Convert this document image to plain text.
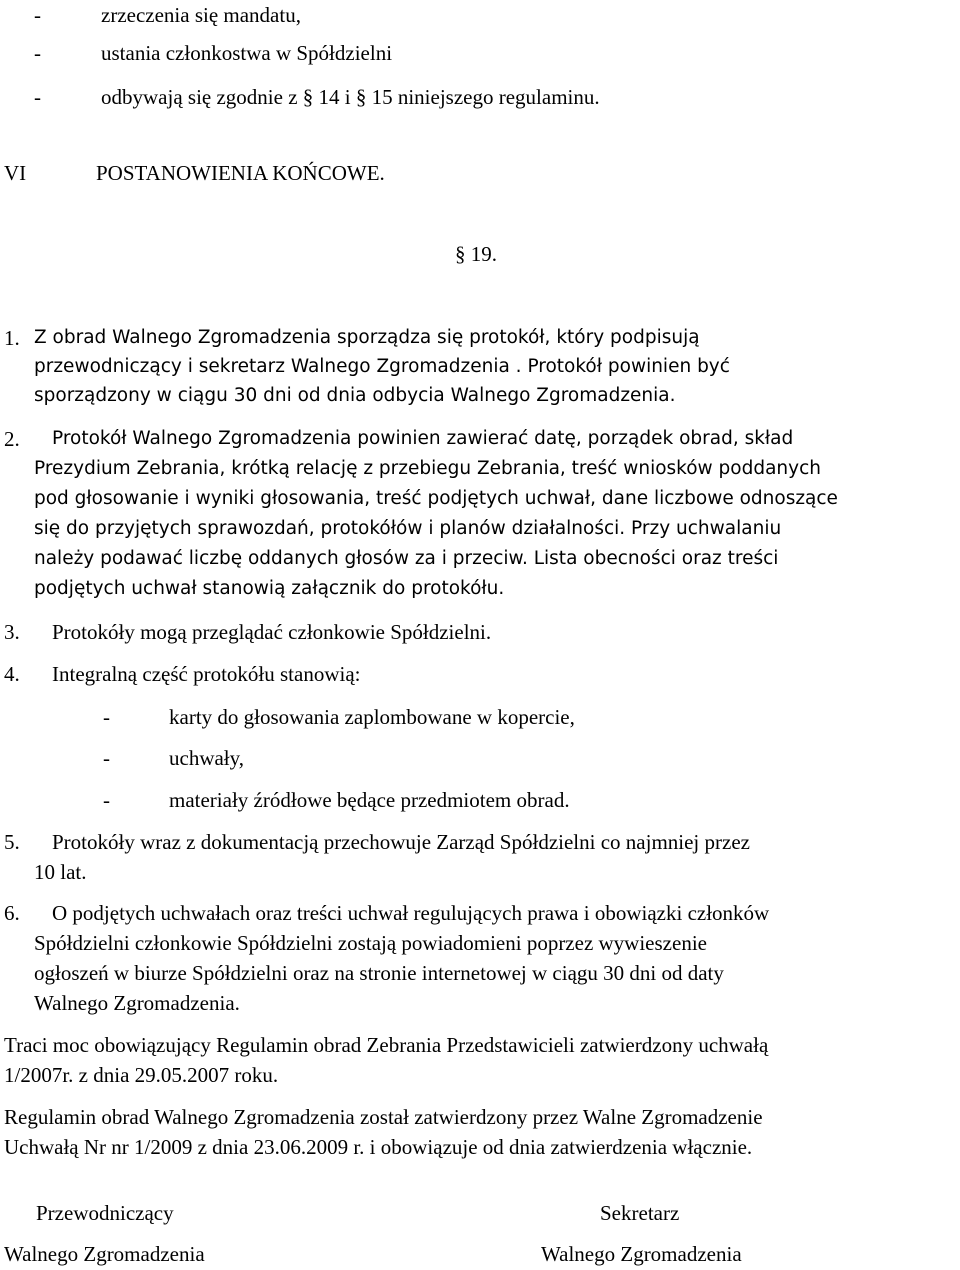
-	zrzeczenia się mandatu,
-	ustania członkostwa w Spółdzielni
-	odbywają się zgodnie z § 14 i § 15 niniejszego regulaminu.
VI	POSTANOWIENIA KOŃCOWE.
§ 19.
1. Z obrad Walnego Zgromadzenia sporządza się protokół, który podpisują
przewodniczący i sekretarz Walnego Zgromadzenia . Protokół powinien być
sporządzony w ciągu 30 dni od dnia odbycia Walnego Zgromadzenia.
2. Protokół Walnego Zgromadzenia powinien zawierać datę, porządek obrad, skład
Prezydium Zebrania, krótką relację z przebiegu Zebrania, treść wniosków poddanych
pod głosowanie i wyniki głosowania, treść podjętych uchwał, dane liczbowe odnoszące
się do przyjętych sprawozdań, protokółów i planów działalności. Przy uchwalaniu
należy podawać liczbę oddanych głosów za i przeciw. Lista obecności oraz treści
podjętych uchwał stanowią załącznik do protokółu.
3. Protokóły mogą przeglądać członkowie Spółdzielni.
4. Integralną część protokółu stanowią:
-	karty do głosowania zaplombowane w kopercie,
-	uchwały,
-	materiały źródłowe będące przedmiotem obrad.
5. Protokóły wraz z dokumentacją przechowuje Zarząd Spółdzielni co najmniej przez
10 lat.
6. O podjętych uchwałach oraz treści uchwał regulujących prawa i obowiązki członków
Spółdzielni członkowie Spółdzielni zostają powiadomieni poprzez wywieszenie
ogłoszeń w biurze Spółdzielni oraz na stronie internetowej w ciągu 30 dni od daty
Walnego Zgromadzenia.
Traci moc obowiązujący Regulamin obrad Zebrania Przedstawicieli zatwierdzony uchwałą
1/2007r. z dnia 29.05.2007 roku.
Regulamin obrad Walnego Zgromadzenia został zatwierdzony przez Walne Zgromadzenie
Uchwałą Nr nr 1/2009 z dnia 23.06.2009 r. i obowiązuje od dnia zatwierdzenia włącznie.
Przewodniczący
Walnego Zgromadzenia
Sekretarz
Walnego Zgromadzenia
